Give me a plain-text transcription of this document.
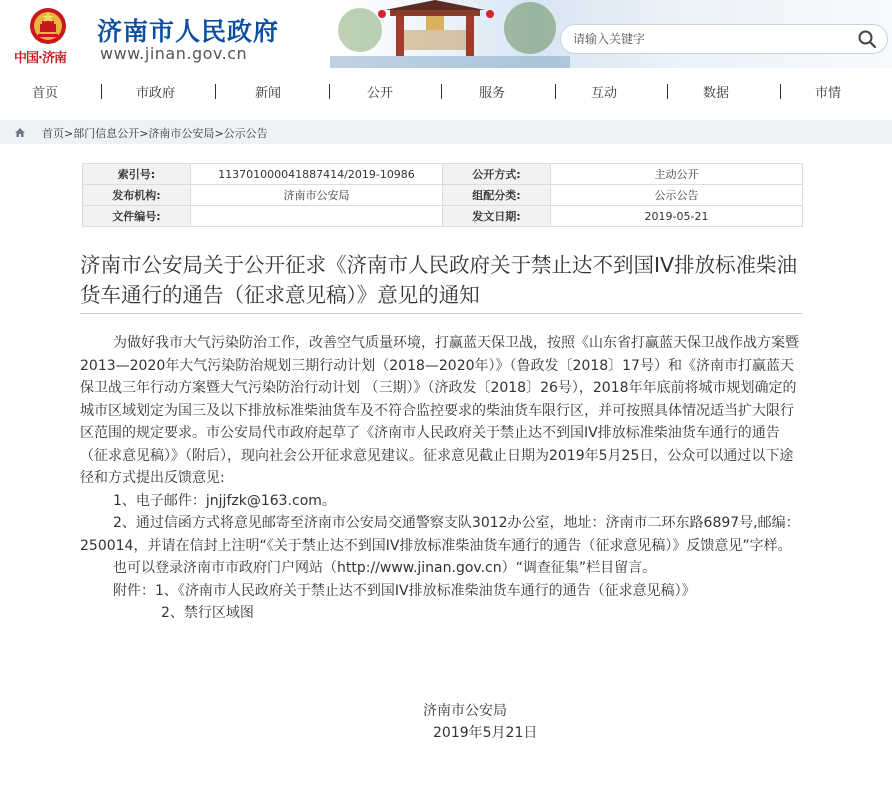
中国·济南
济南市人民政府
www.jinan.gov.cn
请输入关键字
首页	市政府	新闻	公开	服务	互动	数据	市情
首页>部门信息公开>济南市公安局>公示公告
索引号:	113701000041887414/2019-10986	公开方式:	主动公开
发布机构:	济南市公安局	组配分类:	公示公告
文件编号:		发文日期:	2019-05-21
济南市公安局关于公开征求《济南市人民政府关于禁止达不到国IV排放标准柴油货车通行的通告（征求意见稿）》意见的通知

为做好我市大气污染防治工作，改善空气质量环境，打赢蓝天保卫战，按照《山东省打赢蓝天保卫战作战方案暨2013—2020年大气污染防治规划三期行动计划（2018—2020年）》（鲁政发〔2018〕17号）和《济南市打赢蓝天保卫战三年行动方案暨大气污染防治行动计划 （三期）》（济政发〔2018〕26号），2018年年底前将城市规划确定的城市区域划定为国三及以下排放标准柴油货车及不符合监控要求的柴油货车限行区，并可按照具体情况适当扩大限行区范围的规定要求。市公安局代市政府起草了《济南市人民政府关于禁止达不到国IV排放标准柴油货车通行的通告（征求意见稿）》（附后），现向社会公开征求意见建议。征求意见截止日期为2019年5月25日，公众可以通过以下途径和方式提出反馈意见:

1、电子邮件：jnjjfzk@163.com。

2、通过信函方式将意见邮寄至济南市公安局交通警察支队3012办公室，地址：济南市二环东路6897号,邮编：250014，并请在信封上注明“《关于禁止达不到国IV排放标准柴油货车通行的通告（征求意见稿）》反馈意见”字样。

也可以登录济南市市政府门户网站（http://www.jinan.gov.cn）“调查征集”栏目留言。

附件：1、《济南市人民政府关于禁止达不到国IV排放标准柴油货车通行的通告（征求意见稿）》

2、禁行区域图

济南市公安局
2019年5月21日
